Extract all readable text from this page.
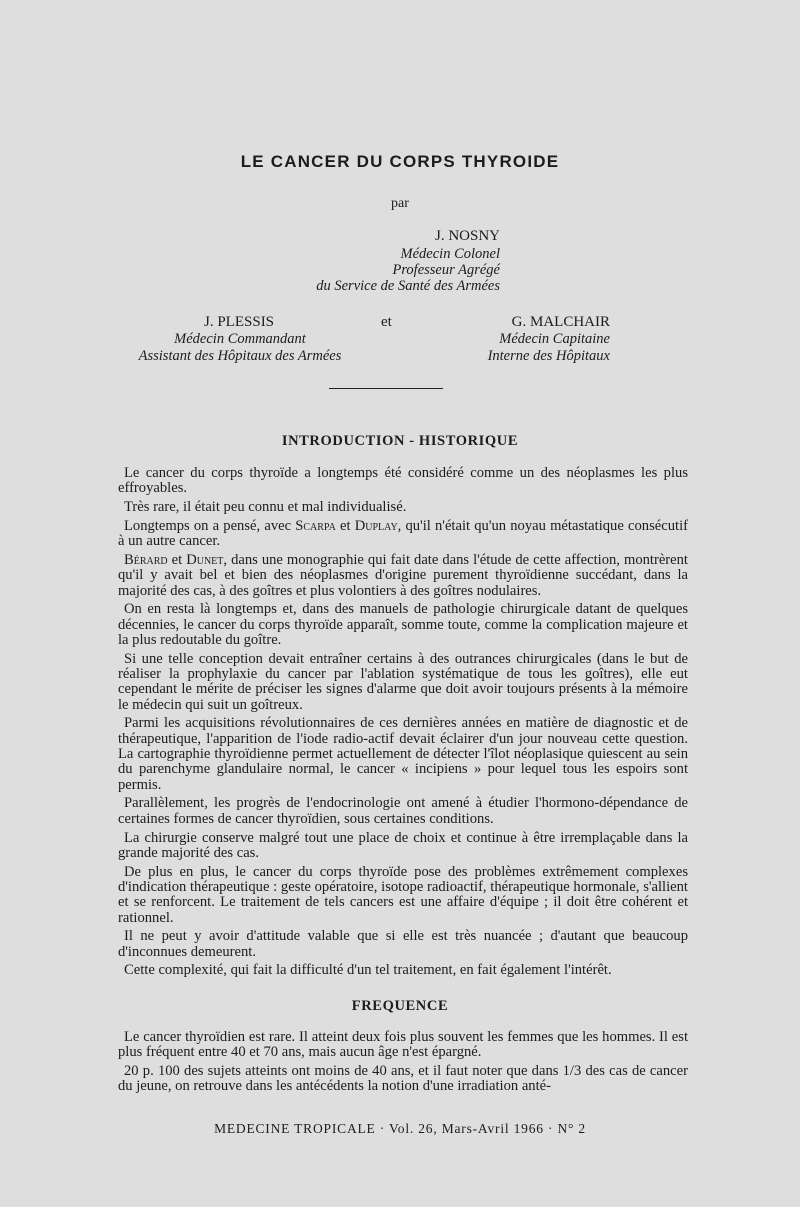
LE CANCER DU CORPS THYROIDE
par
J. NOSNY
Médecin Colonel
Professeur Agrégé
du Service de Santé des Armées
J. PLESSIS
Médecin Commandant
Assistant des Hôpitaux des Armées
et	G. MALCHAIR
Médecin Capitaine
Interne des Hôpitaux
INTRODUCTION - HISTORIQUE

Le cancer du corps thyroïde a longtemps été considéré comme un des néoplasmes les plus effroyables.

Très rare, il était peu connu et mal individualisé.

Longtemps on a pensé, avec Scarpa et Duplay, qu'il n'était qu'un noyau métastatique consécutif à un autre cancer.

Bérard et Dunet, dans une monographie qui fait date dans l'étude de cette affection, montrèrent qu'il y avait bel et bien des néoplasmes d'origine purement thyroïdienne succédant, dans la majorité des cas, à des goîtres et plus volontiers à des goîtres nodulaires.

On en resta là longtemps et, dans des manuels de pathologie chirurgicale datant de quelques décennies, le cancer du corps thyroïde apparaît, somme toute, comme la complication majeure et la plus redoutable du goître.

Si une telle conception devait entraîner certains à des outrances chirurgicales (dans le but de réaliser la prophylaxie du cancer par l'ablation systématique de tous les goîtres), elle eut cependant le mérite de préciser les signes d'alarme que doit avoir toujours présents à la mémoire le médecin qui suit un goîtreux.

Parmi les acquisitions révolutionnaires de ces dernières années en matière de diagnostic et de thérapeutique, l'apparition de l'iode radio-actif devait éclairer d'un jour nouveau cette question. La cartographie thyroïdienne permet actuellement de détecter l'îlot néoplasique quiescent au sein du parenchyme glandulaire normal, le cancer « incipiens » pour lequel tous les espoirs sont permis.

Parallèlement, les progrès de l'endocrinologie ont amené à étudier l'hormono-dépendance de certaines formes de cancer thyroïdien, sous certaines conditions.

La chirurgie conserve malgré tout une place de choix et continue à être irremplaçable dans la grande majorité des cas.

De plus en plus, le cancer du corps thyroïde pose des problèmes extrêmement complexes d'indication thérapeutique : geste opératoire, isotope radioactif, thérapeutique hormonale, s'allient et se renforcent. Le traitement de tels cancers est une affaire d'équipe ; il doit être cohérent et rationnel.

Il ne peut y avoir d'attitude valable que si elle est très nuancée ; d'autant que beaucoup d'inconnues demeurent.

Cette complexité, qui fait la difficulté d'un tel traitement, en fait également l'intérêt.

FREQUENCE

Le cancer thyroïdien est rare. Il atteint deux fois plus souvent les femmes que les hommes. Il est plus fréquent entre 40 et 70 ans, mais aucun âge n'est épargné.

20 p. 100 des sujets atteints ont moins de 40 ans, et il faut noter que dans 1/3 des cas de cancer du jeune, on retrouve dans les antécédents la notion d'une irradiation anté-

MEDECINE TROPICALE · Vol. 26, Mars-Avril 1966 · N° 2
